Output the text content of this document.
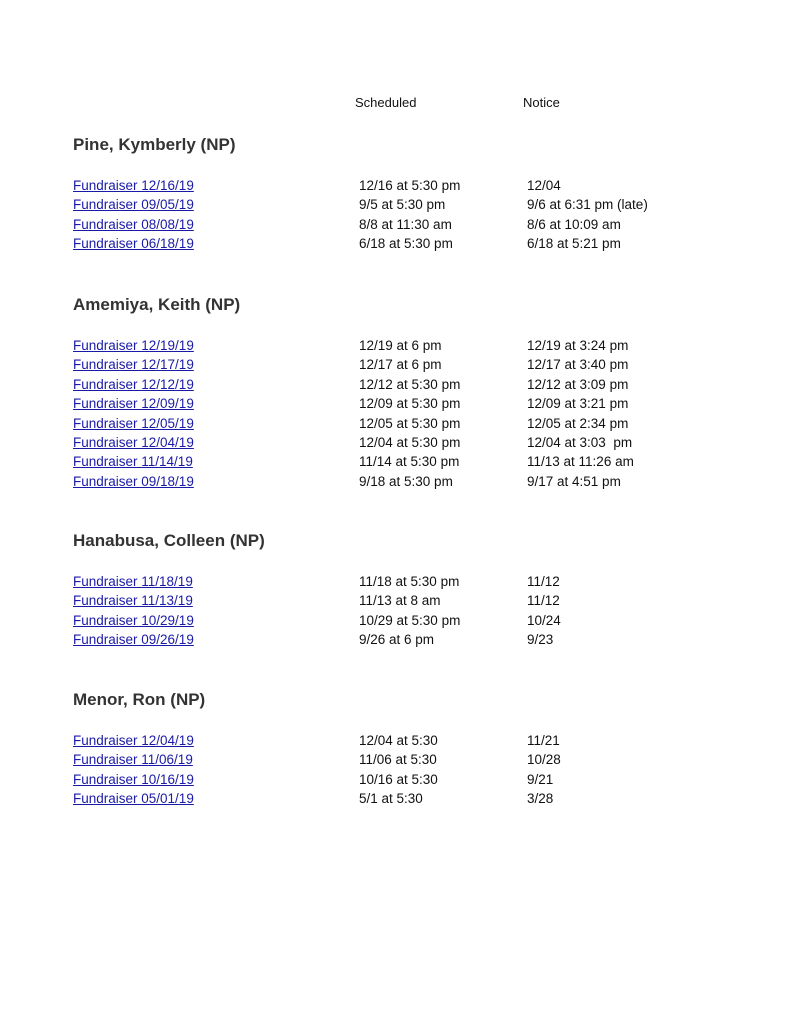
Scheduled	Notice
Pine, Kymberly (NP)
Fundraiser 12/16/19	12/16 at 5:30 pm	12/04
Fundraiser 09/05/19	9/5 at 5:30 pm	9/6 at 6:31 pm (late)
Fundraiser 08/08/19	8/8 at 11:30 am	8/6 at 10:09 am
Fundraiser 06/18/19	6/18 at 5:30 pm	6/18 at 5:21 pm
Amemiya, Keith (NP)
Fundraiser 12/19/19	12/19 at 6 pm	12/19 at 3:24 pm
Fundraiser 12/17/19	12/17 at 6 pm	12/17 at 3:40 pm
Fundraiser 12/12/19	12/12 at 5:30 pm	12/12 at 3:09 pm
Fundraiser 12/09/19	12/09 at 5:30 pm	12/09 at 3:21 pm
Fundraiser 12/05/19	12/05 at 5:30 pm	12/05 at 2:34 pm
Fundraiser 12/04/19	12/04 at 5:30 pm	12/04 at 3:03  pm
Fundraiser 11/14/19	11/14 at 5:30 pm	11/13 at 11:26 am
Fundraiser 09/18/19	9/18 at 5:30 pm	9/17 at 4:51 pm
Hanabusa, Colleen (NP)
Fundraiser 11/18/19	11/18 at 5:30 pm	11/12
Fundraiser 11/13/19	11/13 at 8 am	11/12
Fundraiser 10/29/19	10/29 at 5:30 pm	10/24
Fundraiser 09/26/19	9/26 at 6 pm	9/23
Menor, Ron (NP)
Fundraiser 12/04/19	12/04 at 5:30	11/21
Fundraiser 11/06/19	11/06 at 5:30	10/28
Fundraiser 10/16/19	10/16 at 5:30	9/21
Fundraiser 05/01/19	5/1 at 5:30	3/28
